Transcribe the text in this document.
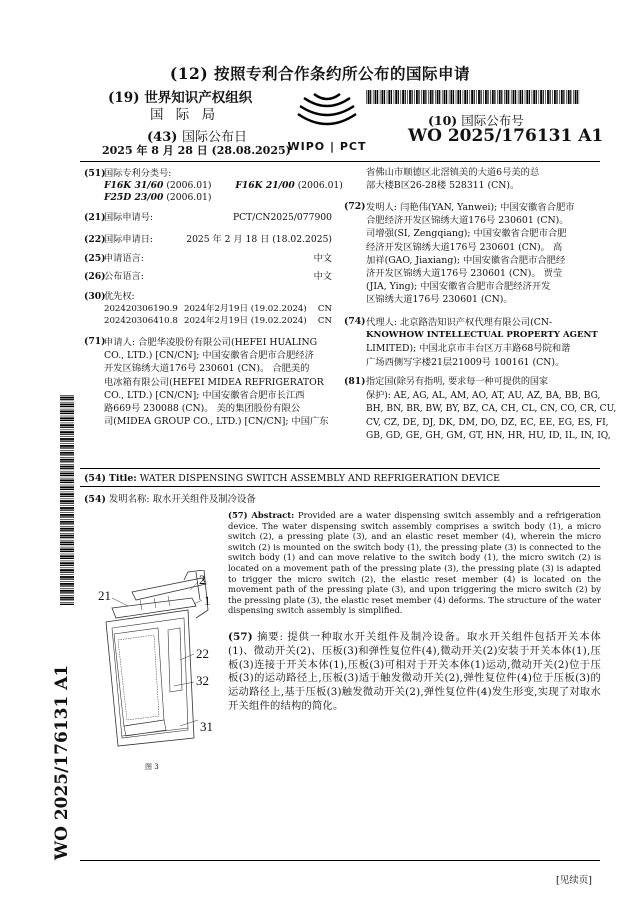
(12) 按照专利合作条约所公布的国际申请
(19) 世界知识产权组织
国 际 局
(43) 国际公布日
2025 年 8 月 28 日 (28.08.2025)
WIPO | PCT
(10) 国际公布号
WO 2025/176131 A1
WO 2025/176131 A1
(51)
国际专利分类号:
F16K 31/60 (2006.01)	F16K 21/00 (2006.01)
F25D 23/00 (2006.01)
(21)
国际申请号:	PCT/CN2025/077900
(22)
国际申请日:	2025 年 2 月 18 日 (18.02.2025)
(25)
申请语言:	中文
(26)
公布语言:	中文
(30)
优先权:
202420306190.9 2024年2月19日 (19.02.2024) CN
202420306410.8 2024年2月19日 (19.02.2024) CN
(71)
申请人: 合肥华凌股份有限公司(HEFEI HUALING
CO., LTD.) [CN/CN]; 中国安徽省合肥市合肥经济
开发区锦绣大道176号 230601 (CN)。 合肥美的
电冰箱有限公司(HEFEI MIDEA REFRIGERATOR
CO., LTD.) [CN/CN]; 中国安徽省合肥市长江西
路669号 230088 (CN)。 美的集团股份有限公
司(MIDEA GROUP CO., LTD.) [CN/CN]; 中国广东
省佛山市顺德区北滘镇美的大道6号美的总
部大楼B区26-28楼 528311 (CN)。
(72) 发明人: 闫艳伟(YAN, Yanwei); 中国安徽省合肥市
合肥经济开发区锦绣大道176号 230601 (CN)。
司增强(SI, Zengqiang); 中国安徽省合肥市合肥
经济开发区锦绣大道176号 230601 (CN)。 高
加祥(GAO, Jiaxiang); 中国安徽省合肥市合肥经
济开发区锦绣大道176号 230601 (CN)。 贾莹
(JIA, Ying); 中国安徽省合肥市合肥经济开发
区锦绣大道176号 230601 (CN)。
(74) 代理人: 北京路浩知识产权代理有限公司(CN-
KNOWHOW INTELLECTUAL PROPERTY AGENT
LIMITED); 中国北京市丰台区万丰路68号院和谐
广场西侧写字楼21层21009号 100161 (CN)。
(81) 指定国(除另有指明, 要求每一种可提供的国家
保护): AE, AG, AL, AM, AO, AT, AU, AZ, BA, BB, BG,
BH, BN, BR, BW, BY, BZ, CA, CH, CL, CN, CO, CR, CU,
CV, CZ, DE, DJ, DK, DM, DO, DZ, EC, EE, EG, ES, FI,
GB, GD, GE, GH, GM, GT, HN, HR, HU, ID, IL, IN, IQ,
(54) Title: WATER DISPENSING SWITCH ASSEMBLY AND REFRIGERATION DEVICE
(54) 发明名称: 取水开关组件及制冷设备
(57) Abstract: Provided are a water dispensing switch assembly and a refrigeration device. The water dispensing switch assembly comprises a switch body (1), a micro switch (2), a pressing plate (3), and an elastic reset member (4), wherein the micro switch (2) is mounted on the switch body (1), the pressing plate (3) is connected to the switch body (1) and can move relative to the switch body (1), the micro switch (2) is located on a movement path of the pressing plate (3), the pressing plate (3) is adapted to trigger the micro switch (2), the elastic reset member (4) is located on the movement path of the pressing plate (3), and upon triggering the micro switch (2) by the pressing plate (3), the elastic reset member (4) deforms. The structure of the water dispensing switch assembly is simplified.
(57) 摘要: 提供一种取水开关组件及制冷设备。取水开关组件包括开关本体(1)、微动开关(2)、压板(3)和弹性复位件(4),微动开关(2)安装于开关本体(1),压板(3)连接于开关本体(1),压板(3)可相对于开关本体(1)运动,微动开关(2)位于压板(3)的运动路径上,压板(3)适于触发微动开关(2),弹性复位件(4)位于压板(3)的运动路径上,基于压板(3)触发微动开关(2),弹性复位件(4)发生形变,实现了对取水开关组件的结构的简化。
21
2
1
22
32
31
图 3
[见续页]
